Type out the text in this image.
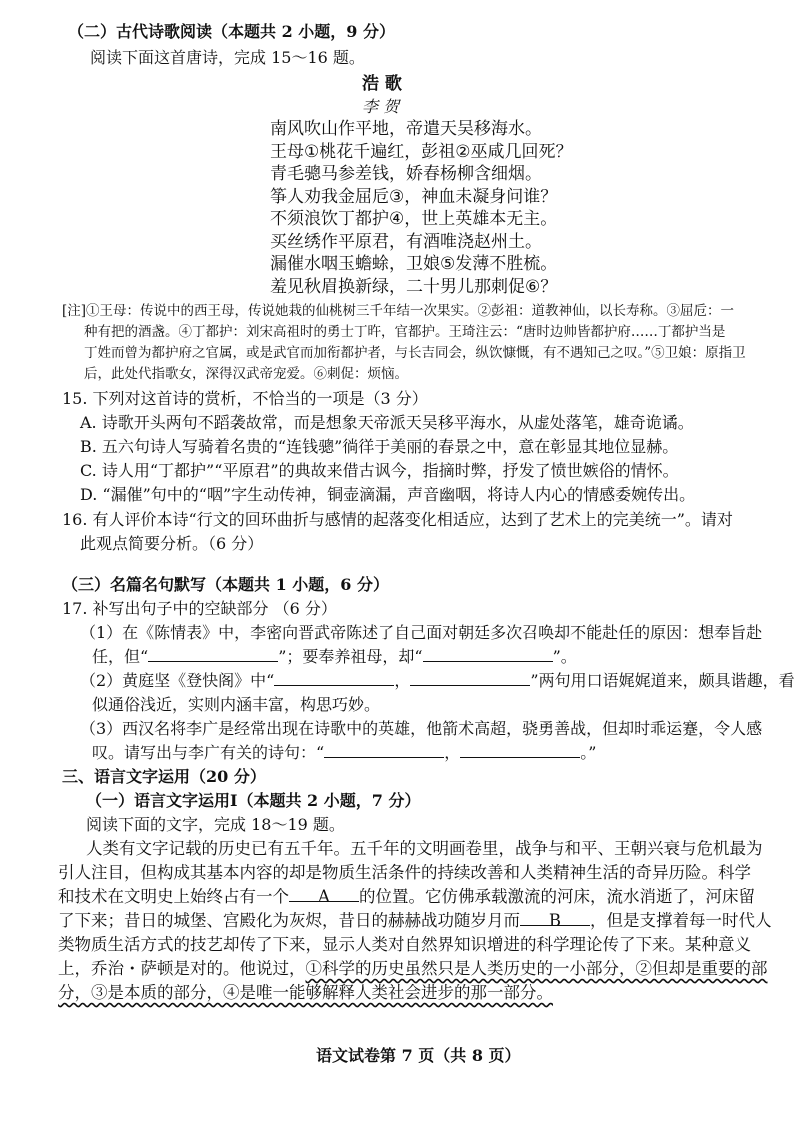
（二）古代诗歌阅读（本题共 2 小题，9 分）
阅读下面这首唐诗，完成 15～16 题。
浩 歌
李 贺
南风吹山作平地，帝遣天吴移海水。
王母①桃花千遍红，彭祖②巫咸几回死？
青毛骢马参差钱，娇春杨柳含细烟。
筝人劝我金屈卮③，神血未凝身问谁？
不须浪饮丁都护④，世上英雄本无主。
买丝绣作平原君，有酒唯浇赵州土。
漏催水咽玉蟾蜍，卫娘⑤发薄不胜梳。
羞见秋眉换新绿，二十男儿那刺促⑥？
[注]①王母：传说中的西王母，传说她栽的仙桃树三千年结一次果实。②彭祖：道教神仙，以长寿称。③屈卮：一
种有把的酒盏。④丁都护：刘宋高祖时的勇士丁旿，官都护。王琦注云：“唐时边帅皆都护府……丁都护当是
丁姓而曾为都护府之官属，或是武官而加衔都护者，与长吉同会，纵饮慷慨，有不遇知己之叹。”⑤卫娘：原指卫
后，此处代指歌女，深得汉武帝宠爱。⑥刺促：烦恼。
15. 下列对这首诗的赏析，不恰当的一项是（3 分）
A. 诗歌开头两句不蹈袭故常，而是想象天帝派天吴移平海水，从虚处落笔，雄奇诡谲。
B. 五六句诗人写骑着名贵的“连钱骢”徜徉于美丽的春景之中，意在彰显其地位显赫。
C. 诗人用“丁都护”“平原君”的典故来借古讽今，指摘时弊，抒发了愤世嫉俗的情怀。
D. “漏催”句中的“咽”字生动传神，铜壶滴漏，声音幽咽，将诗人内心的情感委婉传出。
16. 有人评价本诗“行文的回环曲折与感情的起落变化相适应，达到了艺术上的完美统一”。请对
此观点简要分析。（6 分）
（三）名篇名句默写（本题共 1 小题，6 分）
17. 补写出句子中的空缺部分 （6 分）
（1）在《陈情表》中，李密向晋武帝陈述了自己面对朝廷多次召唤却不能赴任的原因：想奉旨赴
任，但“	”；要奉养祖母，却“	”。
（2）黄庭坚《登快阁》中“	，	”两句用口语娓娓道来，颇具谐趣，看
似通俗浅近，实则内涵丰富，构思巧妙。
（3）西汉名将李广是经常出现在诗歌中的英雄，他箭术高超，骁勇善战，但却时乖运蹇，令人感
叹。请写出与李广有关的诗句：“	，	。”
三、语言文字运用（20 分）
（一）语言文字运用Ⅰ（本题共 2 小题，7 分）
阅读下面的文字，完成 18～19 题。
人类有文字记载的历史已有五千年。五千年的文明画卷里，战争与和平、王朝兴衰与危机最为
引人注目，但构成其基本内容的却是物质生活条件的持续改善和人类精神生活的奇异历险。科学
和技术在文明史上始终占有一个 A 的位置。它仿佛承载激流的河床，流水消逝了，河床留
了下来；昔日的城堡、宫殿化为灰烬，昔日的赫赫战功随岁月而 B ，但是支撑着每一时代人
类物质生活方式的技艺却传了下来，显示人类对自然界知识增进的科学理论传了下来。某种意义
上，乔治・萨顿是对的。他说过，①科学的历史虽然只是人类历史的一小部分，②但却是重要的部
分，③是本质的部分，④是唯一能够解释人类社会进步的那一部分。
语文试卷第 7 页（共 8 页）
